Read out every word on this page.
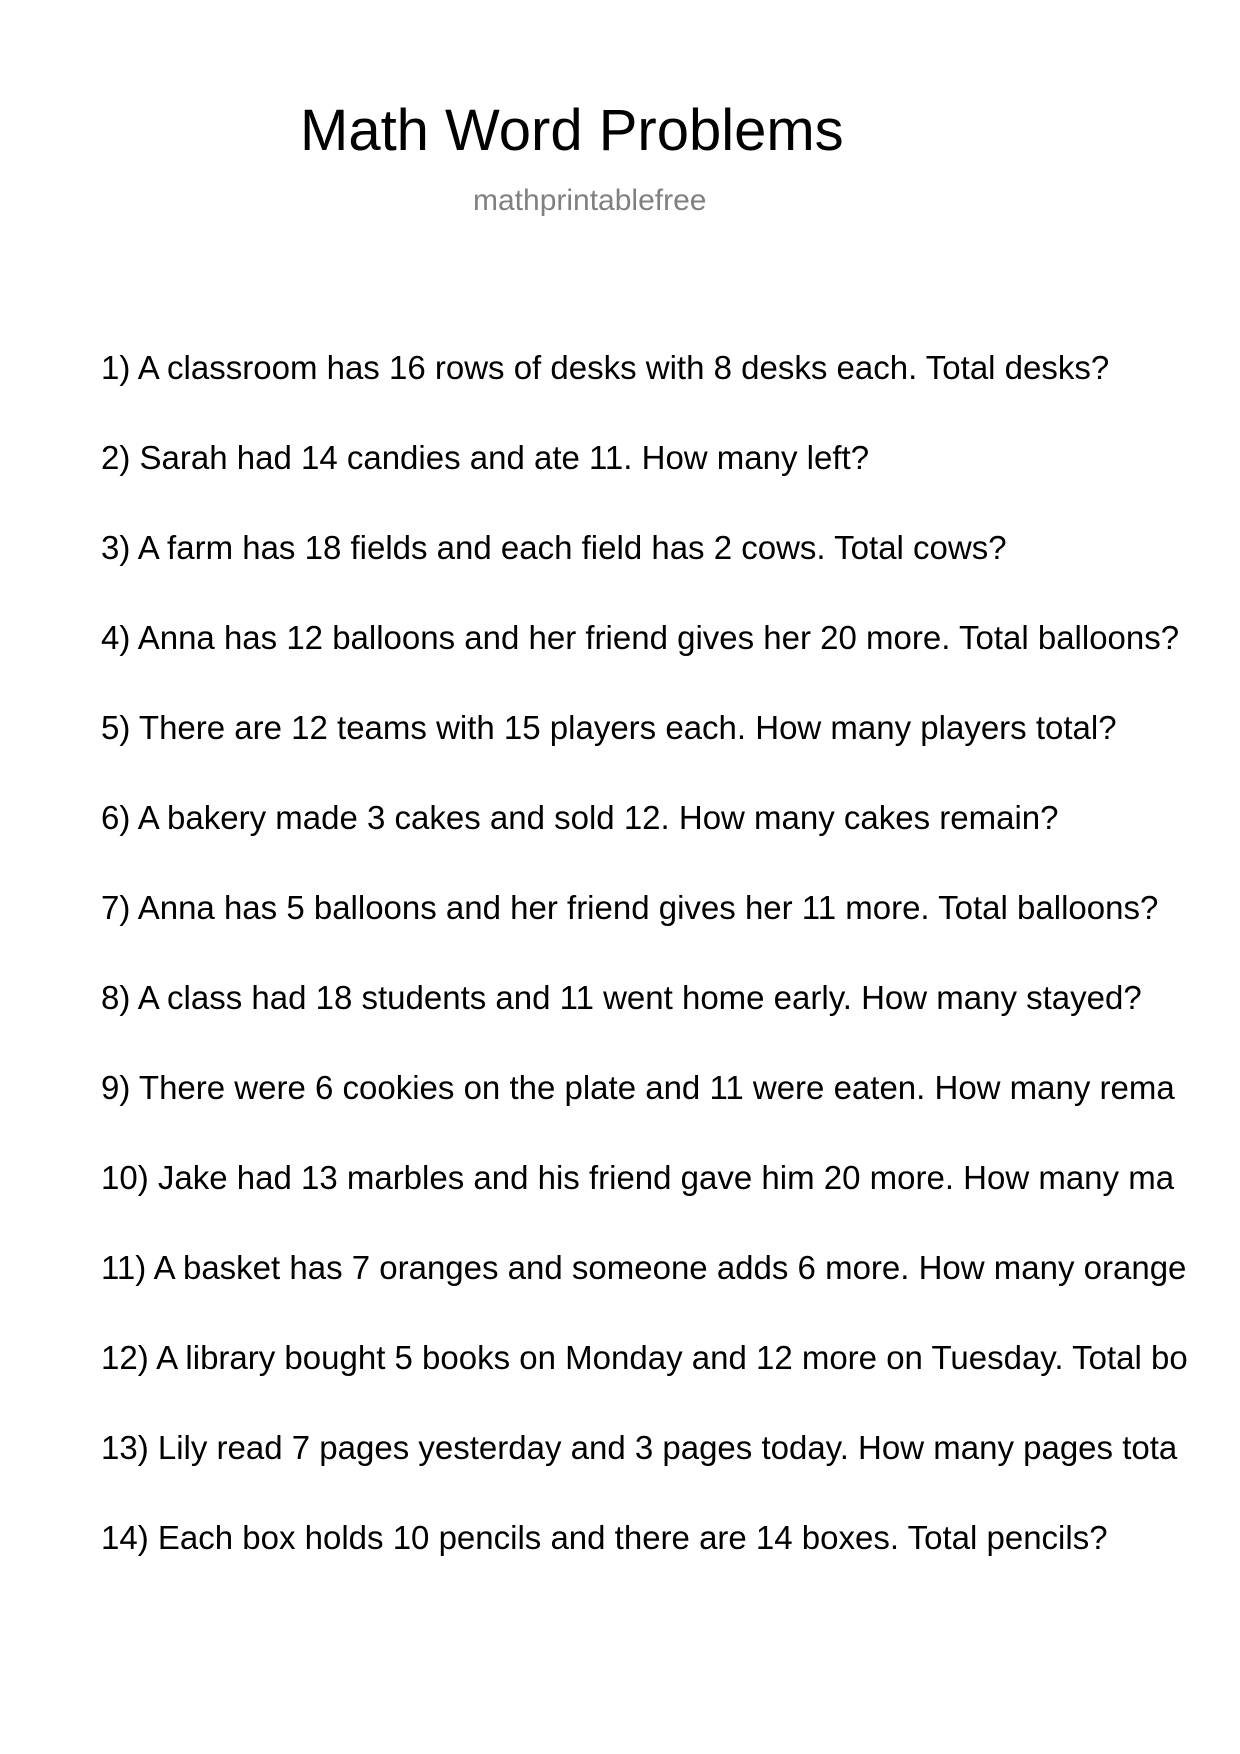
Math Word Problems
mathprintablefree
1) A classroom has 16 rows of desks with 8 desks each. Total desks?
2) Sarah had 14 candies and ate 11. How many left?
3) A farm has 18 fields and each field has 2 cows. Total cows?
4) Anna has 12 balloons and her friend gives her 20 more. Total balloons?
5) There are 12 teams with 15 players each. How many players total?
6) A bakery made 3 cakes and sold 12. How many cakes remain?
7) Anna has 5 balloons and her friend gives her 11 more. Total balloons?
8) A class had 18 students and 11 went home early. How many stayed?
9) There were 6 cookies on the plate and 11 were eaten. How many rema
10) Jake had 13 marbles and his friend gave him 20 more. How many ma
11) A basket has 7 oranges and someone adds 6 more. How many orange
12) A library bought 5 books on Monday and 12 more on Tuesday. Total bo
13) Lily read 7 pages yesterday and 3 pages today. How many pages tota
14) Each box holds 10 pencils and there are 14 boxes. Total pencils?
